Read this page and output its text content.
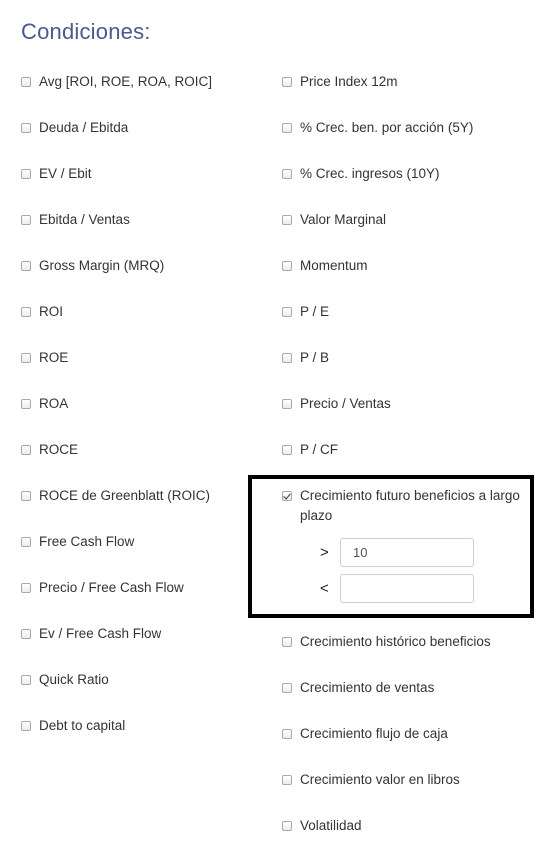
Condiciones:
Avg [ROI, ROE, ROA, ROIC]
Deuda / Ebitda
EV / Ebit
Ebitda / Ventas
Gross Margin (MRQ)
ROI
ROE
ROA
ROCE
ROCE de Greenblatt (ROIC)
Free Cash Flow
Precio / Free Cash Flow
Ev / Free Cash Flow
Quick Ratio
Debt to capital
Price Index 12m
% Crec. ben. por acción (5Y)
% Crec. ingresos (10Y)
Valor Marginal
Momentum
P / E
P / B
Precio / Ventas
P / CF
Crecimiento futuro beneficios a largo plazo
Crecimiento histórico beneficios
Crecimiento de ventas
Crecimiento flujo de caja
Crecimiento valor en libros
Volatilidad
>
10
<
